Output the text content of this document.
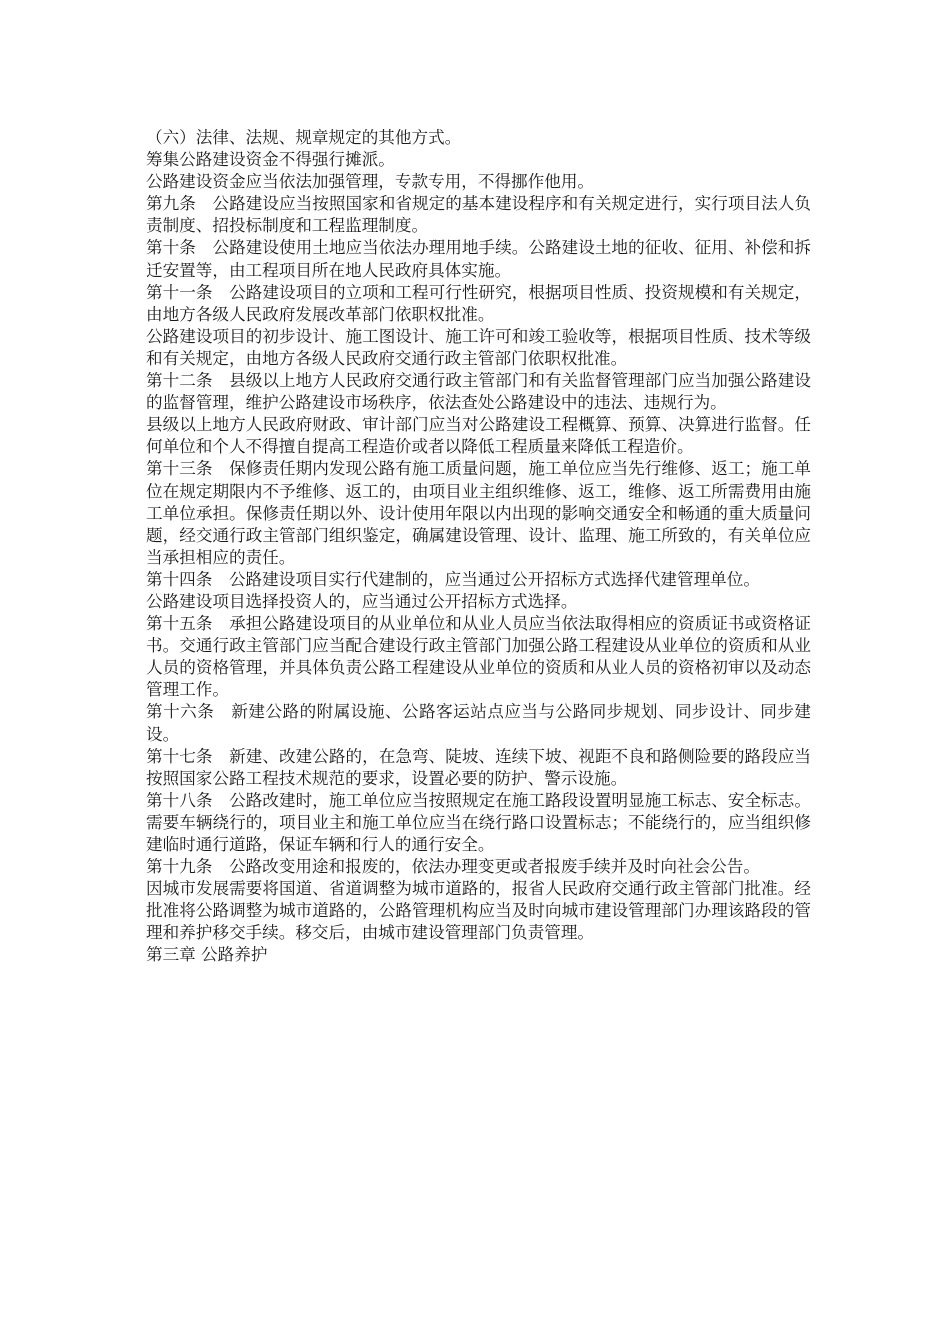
（六）法律、法规、规章规定的其他方式。

筹集公路建设资金不得强行摊派。

公路建设资金应当依法加强管理，专款专用，不得挪作他用。

第九条　公路建设应当按照国家和省规定的基本建设程序和有关规定进行，实行项目法人负责制度、招投标制度和工程监理制度。

第十条　公路建设使用土地应当依法办理用地手续。公路建设土地的征收、征用、补偿和拆迁安置等，由工程项目所在地人民政府具体实施。

第十一条　公路建设项目的立项和工程可行性研究，根据项目性质、投资规模和有关规定，由地方各级人民政府发展改革部门依职权批准。

公路建设项目的初步设计、施工图设计、施工许可和竣工验收等，根据项目性质、技术等级和有关规定，由地方各级人民政府交通行政主管部门依职权批准。

第十二条　县级以上地方人民政府交通行政主管部门和有关监督管理部门应当加强公路建设的监督管理，维护公路建设市场秩序，依法查处公路建设中的违法、违规行为。

县级以上地方人民政府财政、审计部门应当对公路建设工程概算、预算、决算进行监督。任何单位和个人不得擅自提高工程造价或者以降低工程质量来降低工程造价。

第十三条　保修责任期内发现公路有施工质量问题，施工单位应当先行维修、返工；施工单位在规定期限内不予维修、返工的，由项目业主组织维修、返工，维修、返工所需费用由施工单位承担。保修责任期以外、设计使用年限以内出现的影响交通安全和畅通的重大质量问题，经交通行政主管部门组织鉴定，确属建设管理、设计、监理、施工所致的，有关单位应当承担相应的责任。

第十四条　公路建设项目实行代建制的，应当通过公开招标方式选择代建管理单位。

公路建设项目选择投资人的，应当通过公开招标方式选择。

第十五条　承担公路建设项目的从业单位和从业人员应当依法取得相应的资质证书或资格证书。交通行政主管部门应当配合建设行政主管部门加强公路工程建设从业单位的资质和从业人员的资格管理，并具体负责公路工程建设从业单位的资质和从业人员的资格初审以及动态管理工作。

第十六条　新建公路的附属设施、公路客运站点应当与公路同步规划、同步设计、同步建设。

第十七条　新建、改建公路的，在急弯、陡坡、连续下坡、视距不良和路侧险要的路段应当按照国家公路工程技术规范的要求，设置必要的防护、警示设施。

第十八条　公路改建时，施工单位应当按照规定在施工路段设置明显施工标志、安全标志。需要车辆绕行的，项目业主和施工单位应当在绕行路口设置标志；不能绕行的，应当组织修建临时通行道路，保证车辆和行人的通行安全。

第十九条　公路改变用途和报废的，依法办理变更或者报废手续并及时向社会公告。

因城市发展需要将国道、省道调整为城市道路的，报省人民政府交通行政主管部门批准。经批准将公路调整为城市道路的，公路管理机构应当及时向城市建设管理部门办理该路段的管理和养护移交手续。移交后，由城市建设管理部门负责管理。

第三章 公路养护
